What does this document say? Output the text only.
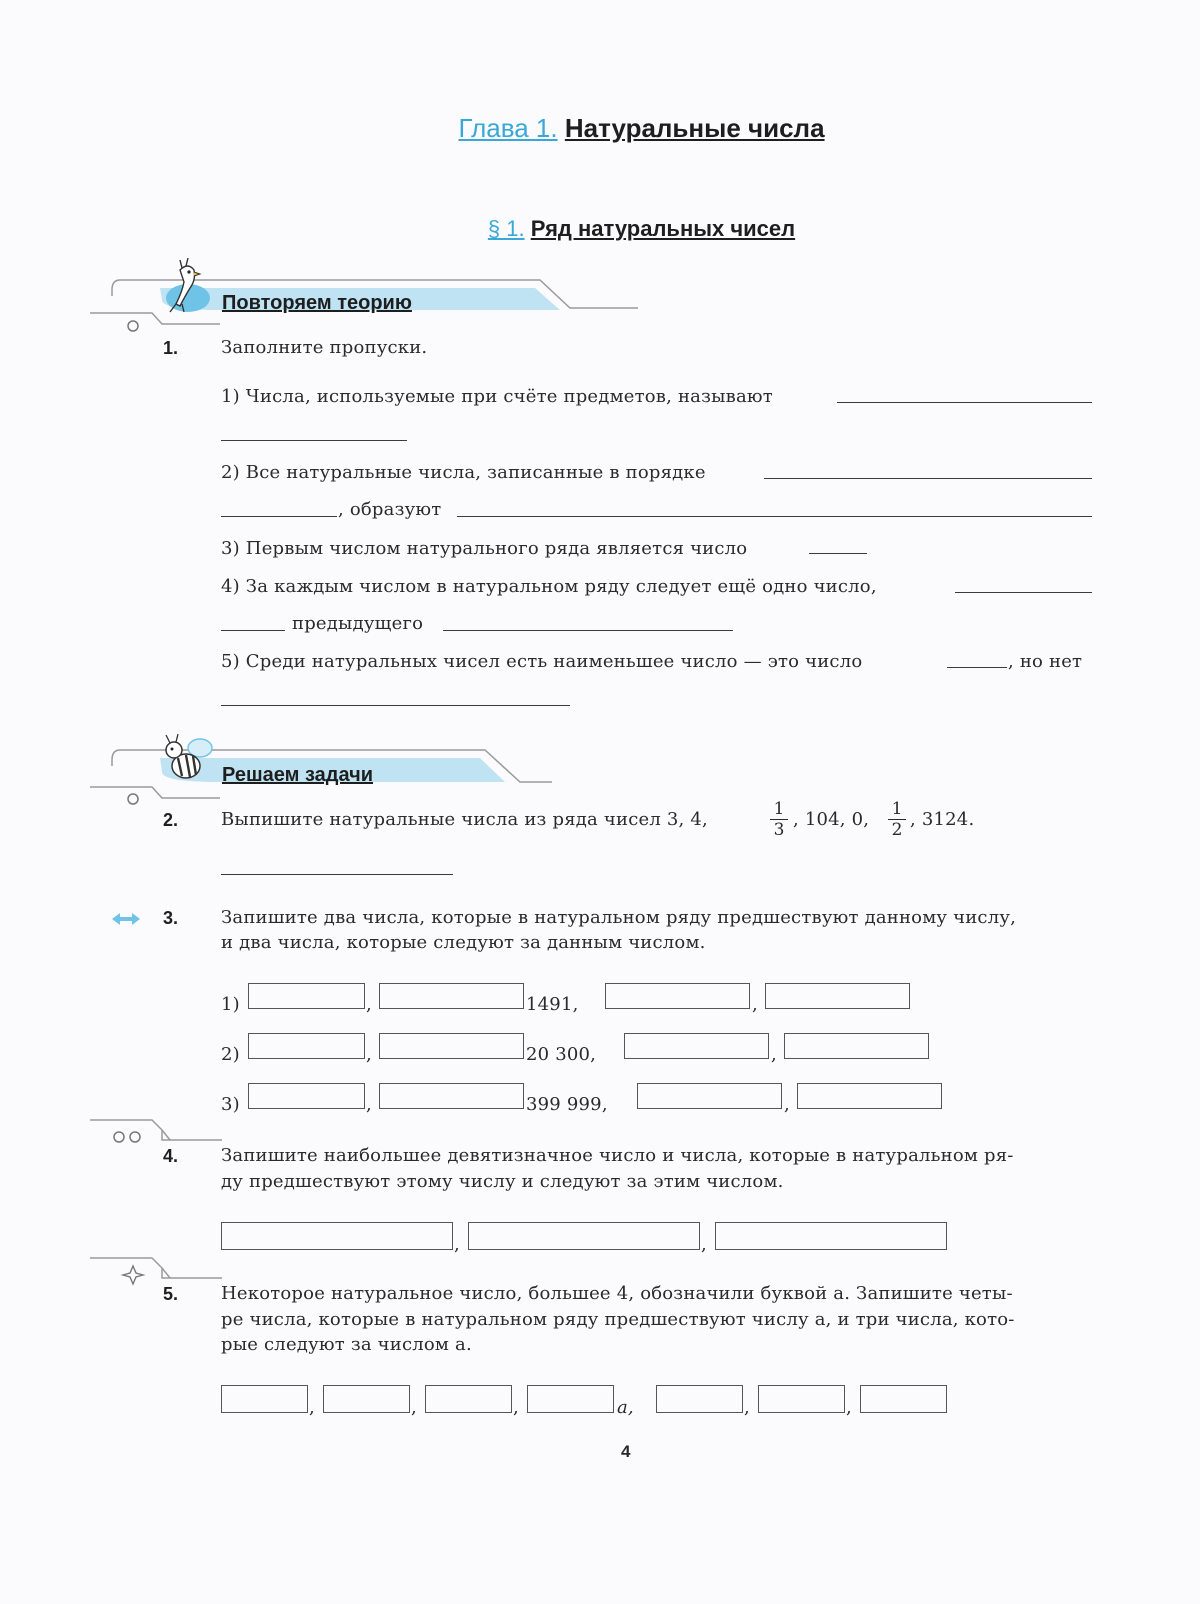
Глава 1. Натуральные числа
§ 1. Ряд натуральных чисел
Повторяем теорию
1. Заполните пропуски.
1) Числа, используемые при счёте предметов, называют
2) Все натуральные числа, записанные в порядке
, образуют
3) Первым числом натурального ряда является число
4) За каждым числом в натуральном ряду следует ещё одно число,
предыдущего
5) Среди натуральных чисел есть наименьшее число — это число	, но нет
Решаем задачи
2. Выпишите натуральные числа из ряда чисел 3, 4,	1
3 , 104, 0, 1
2 , 3124.
3. Запишите два числа, которые в натуральном ряду предшествуют данному числу,
и два числа, которые следуют за данным числом.
1)	,	1491,	,
2)	,	20 300,	,
3)	,	399 999,	,
4. Запишите наибольшее девятизначное число и числа, которые в натуральном ря-
ду предшествуют этому числу и следуют за этим числом.
,	,
5. Некоторое натуральное число, большее 4, обозначили буквой а. Запишите четы-
ре числа, которые в натуральном ряду предшествуют числу а, и три числа, кото-
рые следуют за числом а.
,	,	,	а,	,	,
4
